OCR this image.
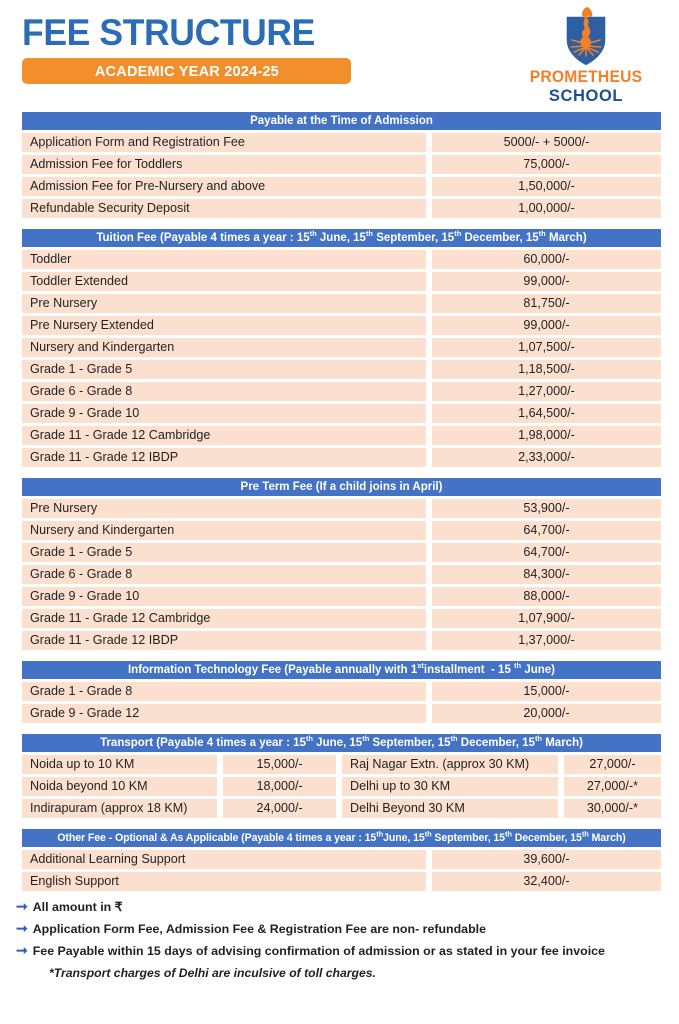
FEE STRUCTURE
ACADEMIC YEAR 2024-25	PROMETHEUS
SCHOOL
Payable at the Time of Admission
Application Form and Registration Fee	5000/- + 5000/-
Admission Fee for Toddlers	75,000/-
Admission Fee for Pre-Nursery and above	1,50,000/-
Refundable Security Deposit	1,00,000/-
Tuition Fee (Payable 4 times a year : 15th June, 15th September, 15th December, 15th March)
Toddler	60,000/-
Toddler Extended	99,000/-
Pre Nursery	81,750/-
Pre Nursery Extended	99,000/-
Nursery and Kindergarten	1,07,500/-
Grade 1 - Grade 5	1,18,500/-
Grade 6 - Grade 8	1,27,000/-
Grade 9 - Grade 10	1,64,500/-
Grade 11 - Grade 12 Cambridge	1,98,000/-
Grade 11 - Grade 12 IBDP	2,33,000/-
Pre Term Fee (If a child joins in April)
Pre Nursery	53,900/-
Nursery and Kindergarten	64,700/-
Grade 1 - Grade 5	64,700/-
Grade 6 - Grade 8	84,300/-
Grade 9 - Grade 10	88,000/-
Grade 11 - Grade 12 Cambridge	1,07,900/-
Grade 11 - Grade 12 IBDP	1,37,000/-
Information Technology Fee (Payable annually with 1stinstallment  - 15 $^{th}$ June)
Grade 1 - Grade 8	15,000/-
Grade 9 - Grade 12	20,000/-
Transport (Payable 4 times a year : 15th June, 15th September, 15th December, 15th March)
Noida up to 10 KM	15,000/-	Raj Nagar Extn. (approx 30 KM)	27,000/-
Noida beyond 10 KM	18,000/-	Delhi up to 30 KM	27,000/-*
Indirapuram (approx 18 KM)	24,000/-	Delhi Beyond 30 KM	30,000/-*
Other Fee - Optional & As Applicable (Payable 4 times a year : 15thJune, 15th September, 15th December, 15th March)
Additional Learning Support	39,600/-
English Support	32,400/-
➞ All amount in ₹
➞ Application Form Fee, Admission Fee & Registration Fee are non- refundable
➞ Fee Payable within 15 days of advising confirmation of admission or as stated in your fee invoice
*Transport charges of Delhi are inculsive of toll charges.
